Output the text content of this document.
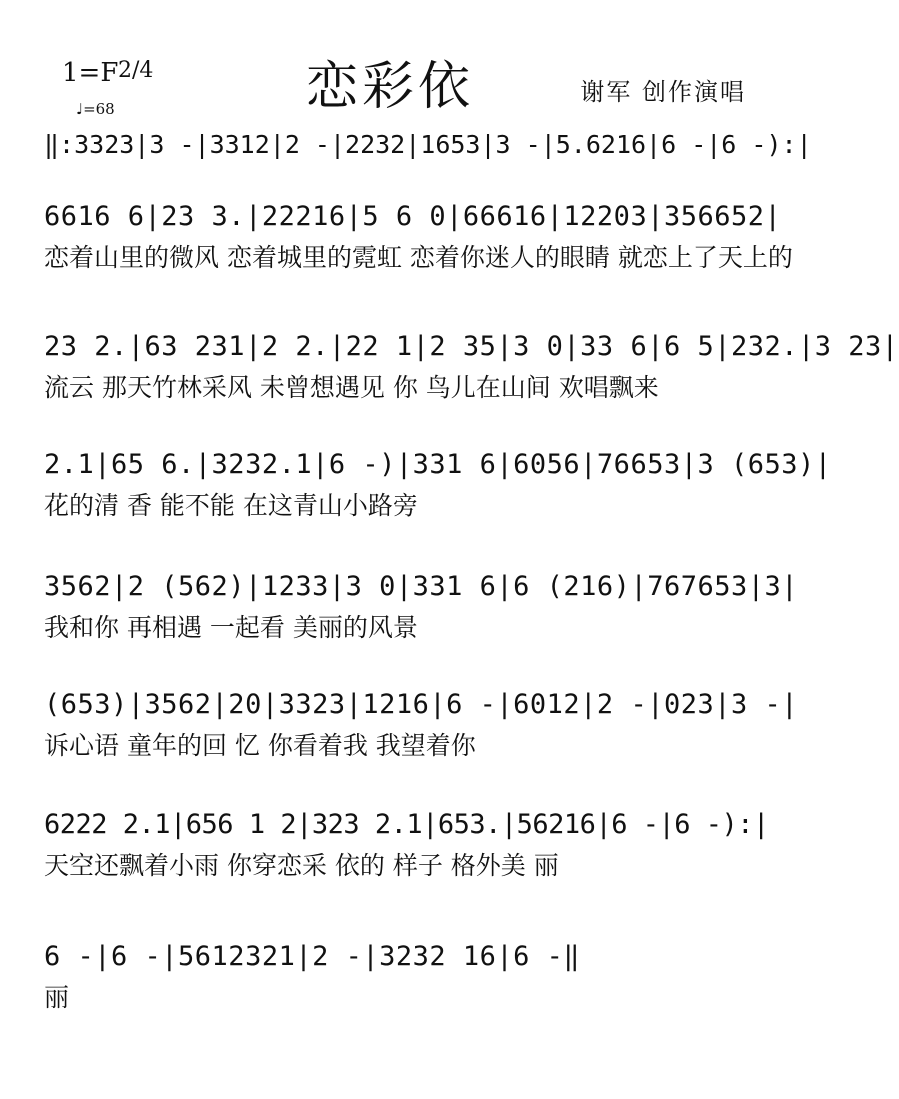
1=F 2/4
♩=68	恋彩依	谢军 创作演唱
‖:3323|3 -|3312|2 -|2232|1653|3 -|5.6216|6 -|6 -):|
6616 6|23 3.|22216|5 6 0|66616|12203|356652|
恋着山里的微风 恋着城里的霓虹 恋着你迷人的眼睛 就恋上了天上的
23 2.|63 231|2 2.|22 1|2 35|3 0|33 6|6 5|232.|3 23|
流云 那天竹林采风 未曾想遇见 你 鸟儿在山间 欢唱飘来
2.1|65 6.|3232.1|6 -)|331 6|6056|76653|3 (653)|
花的清 香 能不能 在这青山小路旁
3562|2 (562)|1233|3 0|331 6|6 (216)|767653|3|
我和你 再相遇 一起看 美丽的风景
(653)|3562|20|3323|1216|6 -|6012|2 -|023|3 -|
诉心语 童年的回 忆 你看着我 我望着你
6222 2.1|656 1 2|323 2.1|653.|56216|6 -|6 -):|
天空还飘着小雨 你穿恋采 依的 样子 格外美 丽
6 -|6 -|5612321|2 -|3232 16|6 -‖
丽
